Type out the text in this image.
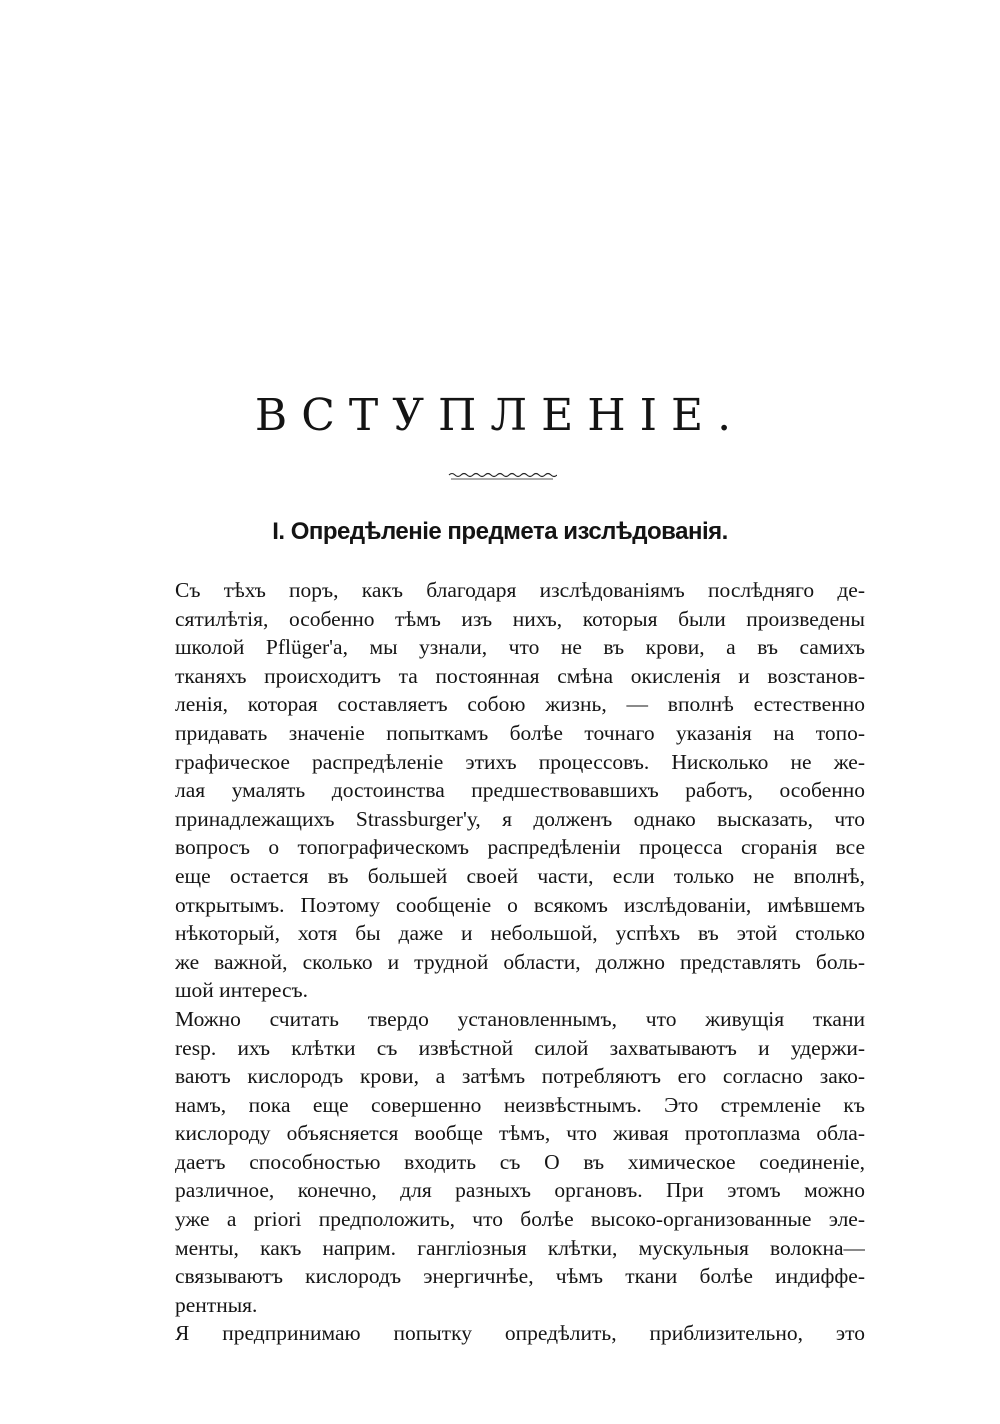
ВСТУПЛЕНIЕ.
I. Опредѣленiе предмета изслѣдованiя.
Съ тѣхъ поръ, какъ благодаря изслѣдованiямъ послѣдняго де-
сятилѣтiя, особенно тѣмъ изъ нихъ, которыя были произведены
школой Pflüger'а, мы узнали, что не въ крови, а въ самихъ
тканяхъ происходитъ та постоянная смѣна окисленiя и возстанов-
ленiя, которая составляетъ собою жизнь, — вполнѣ естественно
придавать значенiе попыткамъ болѣе точнаго указанiя на топо-
графическое распредѣленiе этихъ процессовъ. Нисколько не же-
лая умалять достоинства предшествовавшихъ работъ, особенно
принадлежащихъ Strassburger'у, я долженъ однако высказать, что
вопросъ о топографическомъ распредѣленiи процесса сгоранiя все
еще остается въ большей своей части, если только не вполнѣ,
открытымъ. Поэтому сообщенiе о всякомъ изслѣдованiи, имѣвшемъ
нѣкоторый, хотя бы даже и небольшой, успѣхъ въ этой столько
же важной, сколько и трудной области, должно представлять боль-
шой интересъ.
Можно считать твердо установленнымъ, что живущiя ткани
resp. ихъ клѣтки съ извѣстной силой захватываютъ и удержи-
ваютъ кислородъ крови, а затѣмъ потребляютъ его согласно зако-
намъ, пока еще совершенно неизвѣстнымъ. Это стремленiе къ
кислороду объясняется вообще тѣмъ, что живая протоплазма обла-
даетъ способностью входить съ О въ химическое соединенiе,
различное, конечно, для разныхъ органовъ. При этомъ можно
уже a priori предположить, что болѣе высоко-организованные эле-
менты, какъ наприм. ганглiозныя клѣтки, мускульныя волокна—
связываютъ кислородъ энергичнѣе, чѣмъ ткани болѣе индиффе-
рентныя.
Я предпринимаю попытку опредѣлить, приблизительно, это
